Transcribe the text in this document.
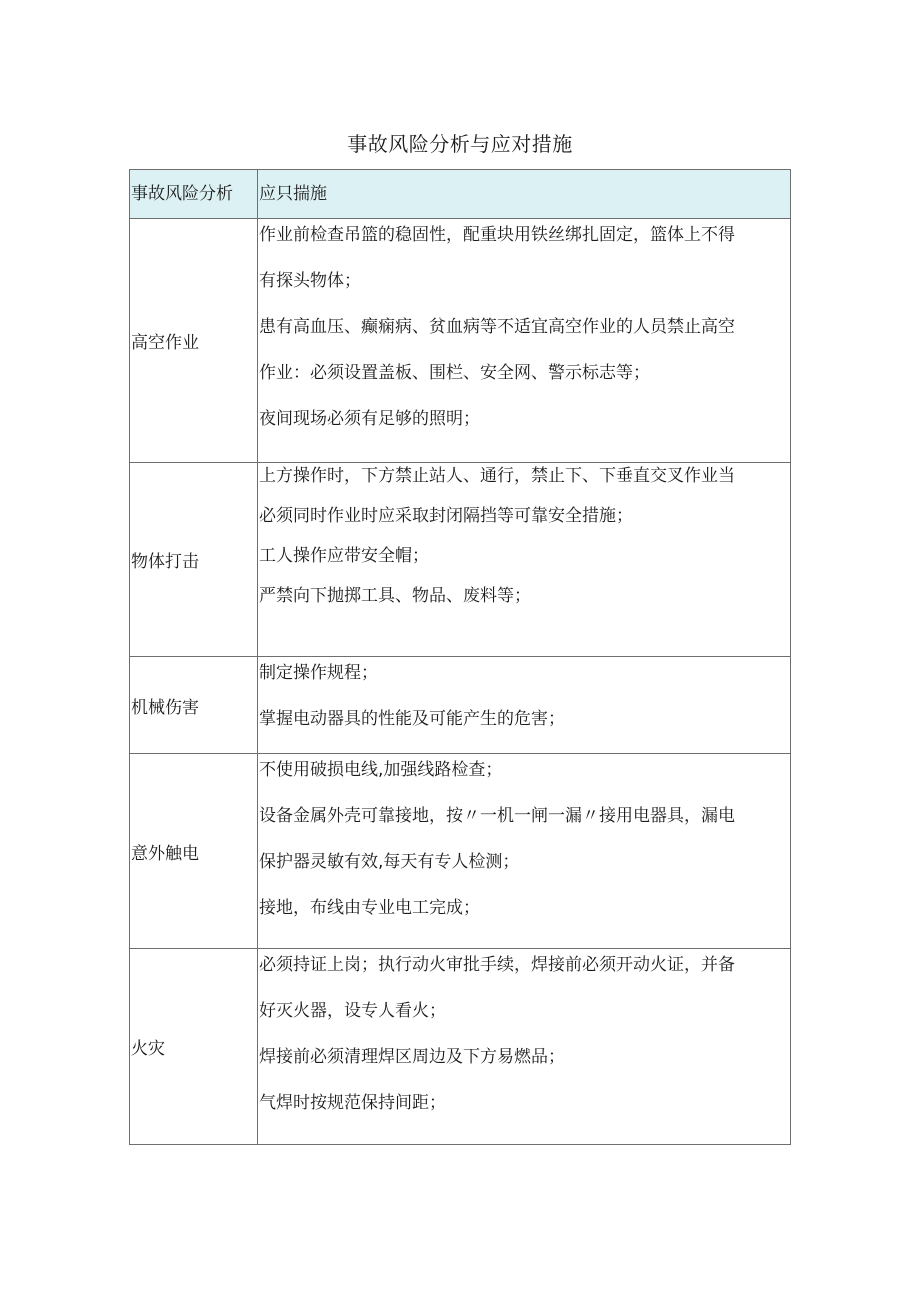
事故风险分析与应对措施
事故风险分析	应只揣施
高空作业	作业前检查吊篮的稳固性，配重块用铁丝绑扎固定，篮体上不得
有探头物体；
患有高血压、癫痫病、贫血病等不适宜高空作业的人员禁止高空
作业：必须设置盖板、围栏、安全网、警示标志等；
夜间现场必须有足够的照明；

物体打击	上方操作时，下方禁止站人、通行，禁止下、下垂直交叉作业当
必须同时作业时应采取封闭隔挡等可靠安全措施；
工人操作应带安全帽；
严禁向下抛掷工具、物品、废料等；

机械伤害	制定操作规程；
掌握电动器具的性能及可能产生的危害；

意外触电	不使用破损电线,加强线路检查；
设备金属外壳可靠接地，按〃一机一闸一漏〃接用电器具，漏电
保护器灵敏有效,每天有专人检测；
接地，布线由专业电工完成；

火灾	必须持证上岗；执行动火审批手续，焊接前必须开动火证，并备
好灭火器，设专人看火；
焊接前必须清理焊区周边及下方易燃品；
气焊时按规范保持间距；
